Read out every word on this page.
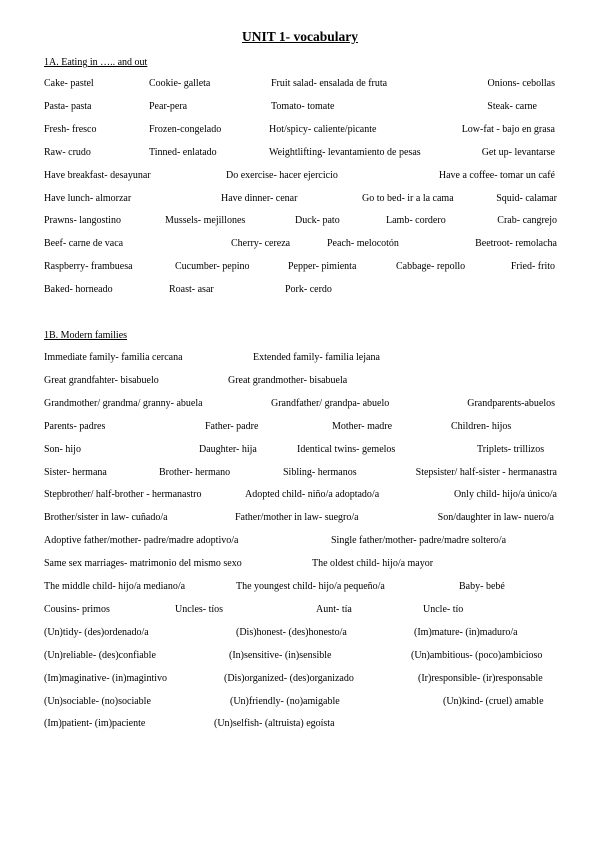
UNIT 1- vocabulary
1A. Eating in ….. and out
Cake- pastel	Cookie- galleta	Fruit salad- ensalada de fruta	Onions- cebollas
Pasta- pasta	Pear-pera	Tomato- tomate	Steak- carne
Fresh- fresco	Frozen-congelado	Hot/spicy- caliente/picante	Low-fat - bajo en grasa
Raw- crudo	Tinned- enlatado	Weightlifting- levantamiento de pesas	Get up- levantarse
Have breakfast- desayunar	Do exercise- hacer ejercicio	Have a coffee- tomar un café
Have lunch- almorzar	Have dinner- cenar	Go to bed- ir a la cama	Squid- calamar
Prawns- langostino	Mussels- mejillones	Duck- pato	Lamb- cordero	Crab- cangrejo
Beef- carne de vaca	Cherry- cereza	Peach- melocotón	Beetroot- remolacha
Raspberry- frambuesa	Cucumber- pepino	Pepper- pimienta	Cabbage- repollo	Fried- frito
Baked- horneado	Roast- asar	Pork- cerdo
1B. Modern families
Immediate family- familia cercana	Extended family- familia lejana
Great grandfahter- bisabuelo	Great grandmother- bisabuela
Grandmother/ grandma/ granny- abuela	Grandfather/ grandpa- abuelo	Grandparents-abuelos
Parents- padres	Father- padre	Mother- madre	Children- hijos
Son- hijo	Daughter- hija	Identical twins- gemelos	Triplets- trillizos
Sister- hermana	Brother- hermano	Sibling- hermanos	Stepsister/ half-sister - hermanastra
Stepbrother/ half-brother - hermanastro	Adopted child- niño/a adoptado/a	Only child- hijo/a único/a
Brother/sister in law- cuñado/a	Father/mother in law- suegro/a	Son/daughter in law- nuero/a
Adoptive father/mother- padre/madre adoptivo/a	Single father/mother- padre/madre soltero/a
Same sex marriages- matrimonio del mismo sexo	The oldest child- hijo/a mayor
The middle child- hijo/a mediano/a	The youngest child- hijo/a pequeño/a	Baby- bebé
Cousins- primos	Uncles- tíos	Aunt- tía	Uncle- tío
(Un)tidy- (des)ordenado/a	(Dis)honest- (des)honesto/a	(Im)mature- (in)maduro/a
(Un)reliable- (des)confiable	(In)sensitive- (in)sensible	(Un)ambitious- (poco)ambicioso
(Im)maginative- (in)magintivo	(Dis)organized- (des)organizado	(Ir)responsible- (ir)responsable
(Un)sociable- (no)sociable	(Un)friendly- (no)amigable	(Un)kind- (cruel) amable
(Im)patient- (im)paciente	(Un)selfish- (altruista) egoísta
